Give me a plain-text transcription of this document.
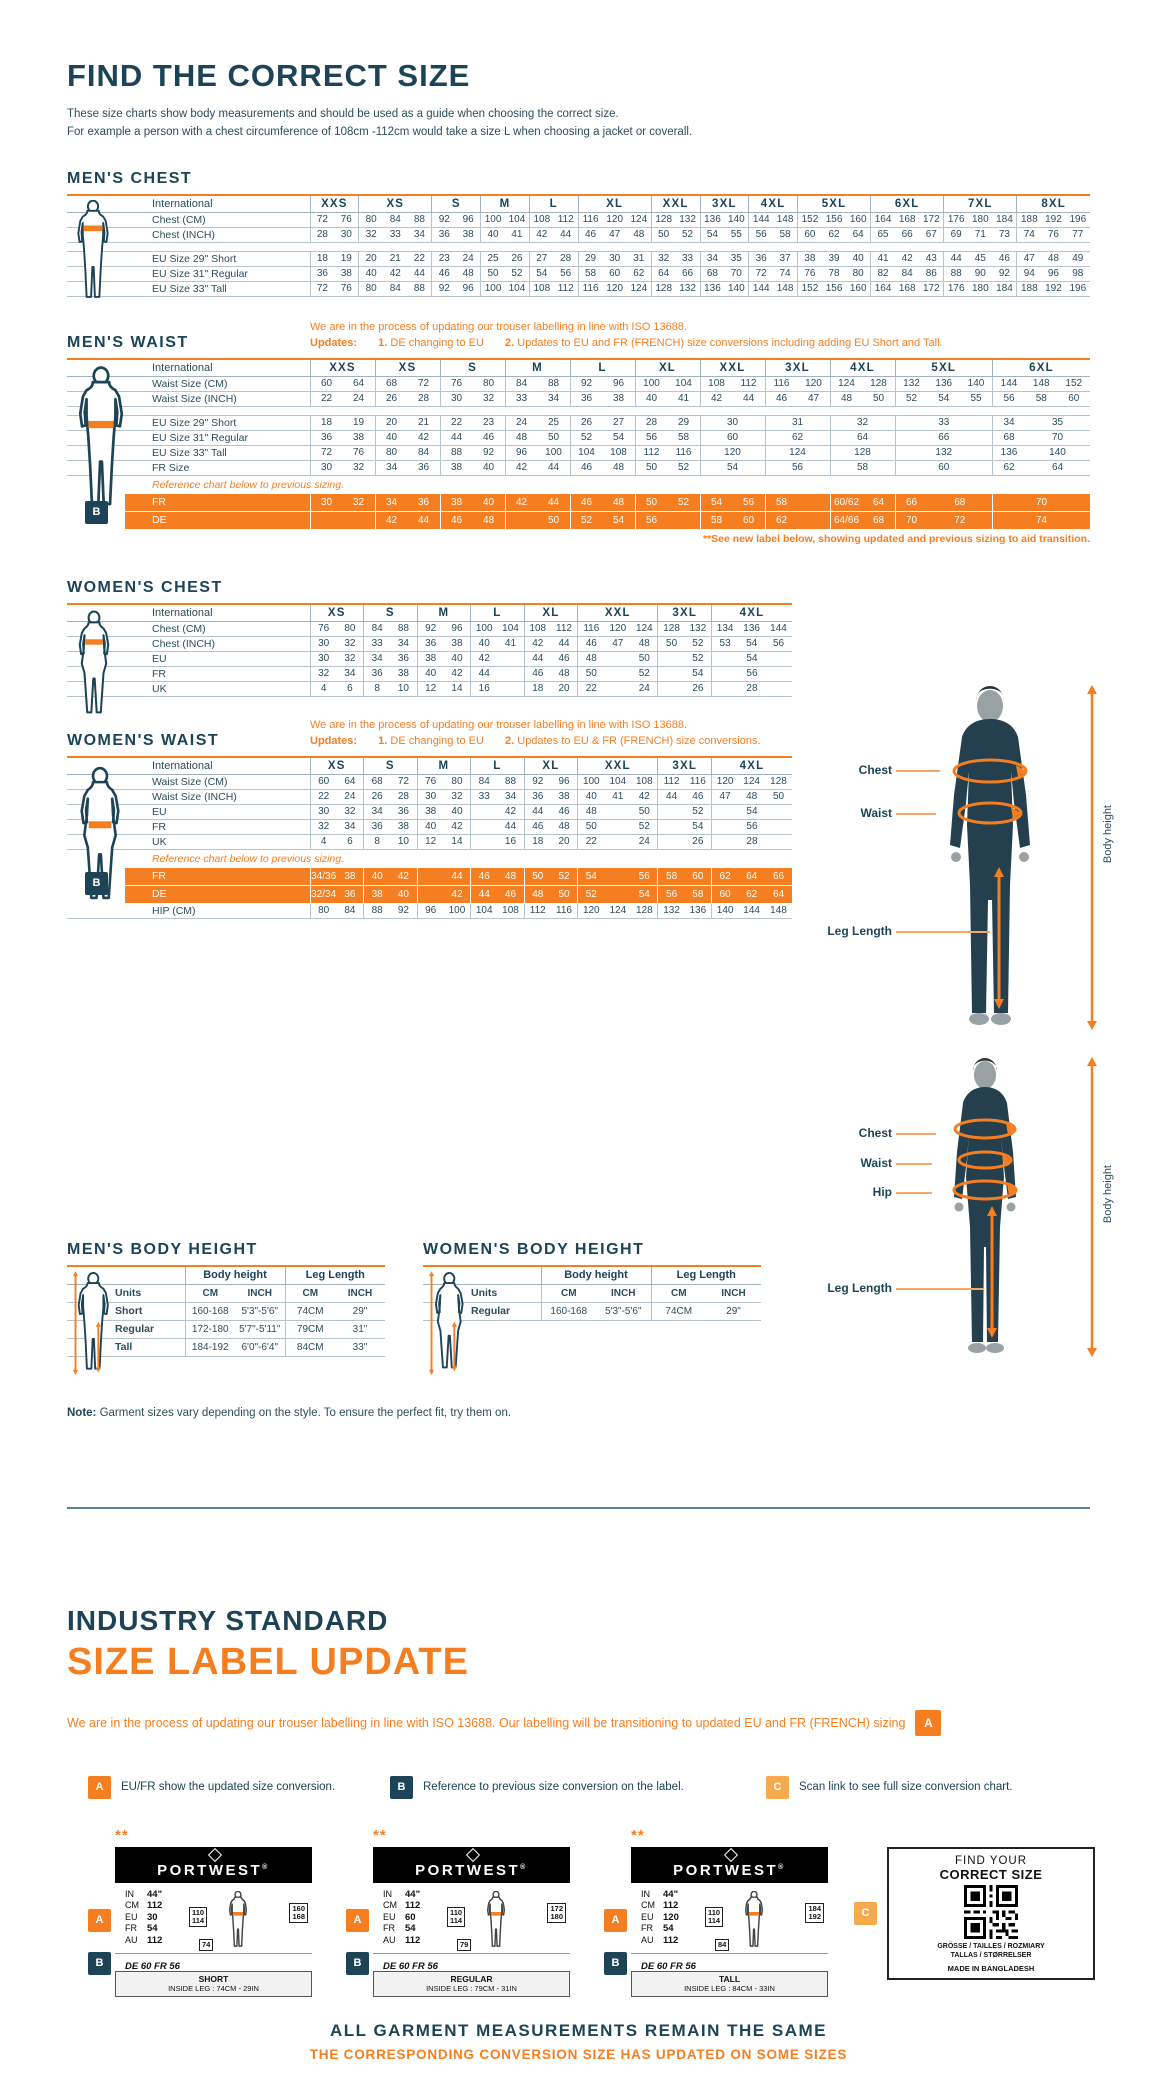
FIND THE CORRECT SIZE

These size charts show body measurements and should be used as a guide when choosing the correct size.
For example a person with a chest circumference of 108cm -112cm would take a size L when choosing a jacket or coverall.

MEN'S CHEST
International	XXS		XS			S		M		L		XL			XXL		3XL		4XL		5XL			6XL			7XL			8XL		
Chest (CM)	72	76	80	84	88	92	96	100	104	108	112	116	120	124	128	132	136	140	144	148	152	156	160	164	168	172	176	180	184	188	192	196
Chest (INCH)	28	30	32	33	34	36	38	40	41	42	44	46	47	48	50	52	54	55	56	58	60	62	64	65	66	67	69	71	73	74	76	77

EU Size 29" Short	18	19	20	21	22	23	24	25	26	27	28	29	30	31	32	33	34	35	36	37	38	39	40	41	42	43	44	45	46	47	48	49
EU Size 31" Regular	36	38	40	42	44	46	48	50	52	54	56	58	60	62	64	66	68	70	72	74	76	78	80	82	84	86	88	90	92	94	96	98
EU Size 33" Tall	72	76	80	84	88	92	96	100	104	108	112	116	120	124	128	132	136	140	144	148	152	156	160	164	168	172	176	180	184	188	192	196
MEN'S WAIST
We are in the process of updating our trouser labelling in line with ISO 13688.
Updates: 1. DE changing to EU 2. Updates to EU and FR (FRENCH) size conversions including adding EU Short and Tall.
International	XXS		XS		S		M		L		XL		XXL		3XL		4XL		5XL			6XL		
Waist Size (CM)	60	64	68	72	76	80	84	88	92	96	100	104	108	112	116	120	124	128	132	136	140	144	148	152
Waist Size (INCH)	22	24	26	28	30	32	33	34	36	38	40	41	42	44	46	47	48	50	52	54	55	56	58	60

EU Size 29" Short	18	19	20	21	22	23	24	25	26	27	28	29	30		31		32		33			34	35	
EU Size 31" Regular	36	38	40	42	44	46	48	50	52	54	56	58	60		62		64		66			68	70	
EU Size 33" Tall	72	76	80	84	88	92	96	100	104	108	112	116	120		124		128		132			136	140	
FR Size	30	32	34	36	38	40	42	44	46	48	50	52	54		56		58		60			62	64	
Reference chart below to previous sizing.																								
FR	30	32	34	36	38	40	42	44	46	48	50	52	54	56	58		60/62	64	66	68		70		
DE			42	44	46	48		50	52	54	56		58	60	62		64/66	68	70	72		74		
B
**See new label below, showing updated and previous sizing to aid transition.
WOMEN'S CHEST
International	XS		S		M		L		XL		XXL			3XL		4XL		
Chest (CM)	76	80	84	88	92	96	100	104	108	112	116	120	124	128	132	134	136	144
Chest (INCH)	30	32	33	34	36	38	40	41	42	44	46	47	48	50	52	53	54	56
EU	30	32	34	36	38	40	42		44	46	48		50		52	54		
FR	32	34	36	38	40	42	44		46	48	50		52		54	56		
UK	4	6	8	10	12	14	16		18	20	22		24		26	28		
WOMEN'S WAIST
We are in the process of updating our trouser labelling in line with ISO 13688.
Updates: 1. DE changing to EU 2. Updates to EU & FR (FRENCH) size conversions.
International	XS		S		M		L		XL		XXL			3XL		4XL		
Waist Size (CM)	60	64	68	72	76	80	84	88	92	96	100	104	108	112	116	120	124	128
Waist Size (INCH)	22	24	26	28	30	32	33	34	36	38	40	41	42	44	46	47	48	50
EU	30	32	34	36	38	40		42	44	46	48		50		52	54		
FR	32	34	36	38	40	42		44	46	48	50		52		54	56		
UK	4	6	8	10	12	14		16	18	20	22		24		26	28		
Reference chart below to previous sizing.																		
FR	34/36	38	40	42		44	46	48	50	52	54		56	58	60	62	64	66
DE	32/34	36	38	40		42	44	46	48	50	52		54	56	58	60	62	64
HIP (CM)	80	84	88	92	96	100	104	108	112	116	120	124	128	132	136	140	144	148
B
MEN'S BODY HEIGHT
	Body height		Leg Length	
Units	CM	INCH	CM	INCH
Short	160-168	5'3"-5'6"	74CM	29"
Regular	172-180	5'7"-5'11"	79CM	31"
Tall	184-192	6'0"-6'4"	84CM	33"
WOMEN'S BODY HEIGHT
	Body height		Leg Length	
Units	CM	INCH	CM	INCH
Regular	160-168	5'3"-5'6"	74CM	29"
Chest
Waist
Leg Length
Body height
Chest
Waist
Hip
Leg Length
Body height

Note: Garment sizes vary depending on the style. To ensure the perfect fit, try them on.

INDUSTRY STANDARD
SIZE LABEL UPDATE

We are in the process of updating our trouser labelling in line with ISO 13688. Our labelling will be transitioning to updated EU and FR (FRENCH) sizing	A

A	EU/FR show the updated size conversion.	B	Reference to previous size conversion on the label.	C	Scan link to see full size conversion chart.
**
PORTWEST®
A
IN	44"
CM 112
EU 30
FR	54
AU 112
110
114
160
168
74
B	DE 60 FR 56
SHORT
INSIDE LEG : 74CM - 29IN
**
PORTWEST®
A
IN	44"
CM 112
EU 60
FR	54
AU 112
110
114
172
180
79
B	DE 60 FR 56
REGULAR
INSIDE LEG : 79CM - 31IN
**
PORTWEST®
A
IN	44"
CM 112
EU 120
FR	54
AU 112
110
114
184
192
84
B	DE 60 FR 56
TALL
INSIDE LEG : 84CM - 33IN
C
FIND YOUR
CORRECT SIZE
GRÖSSE / TAILLES / ROZMIARY
TALLAS / STØRRELSER
MADE IN BANGLADESH
ALL GARMENT MEASUREMENTS REMAIN THE SAME
THE CORRESPONDING CONVERSION SIZE HAS UPDATED ON SOME SIZES
